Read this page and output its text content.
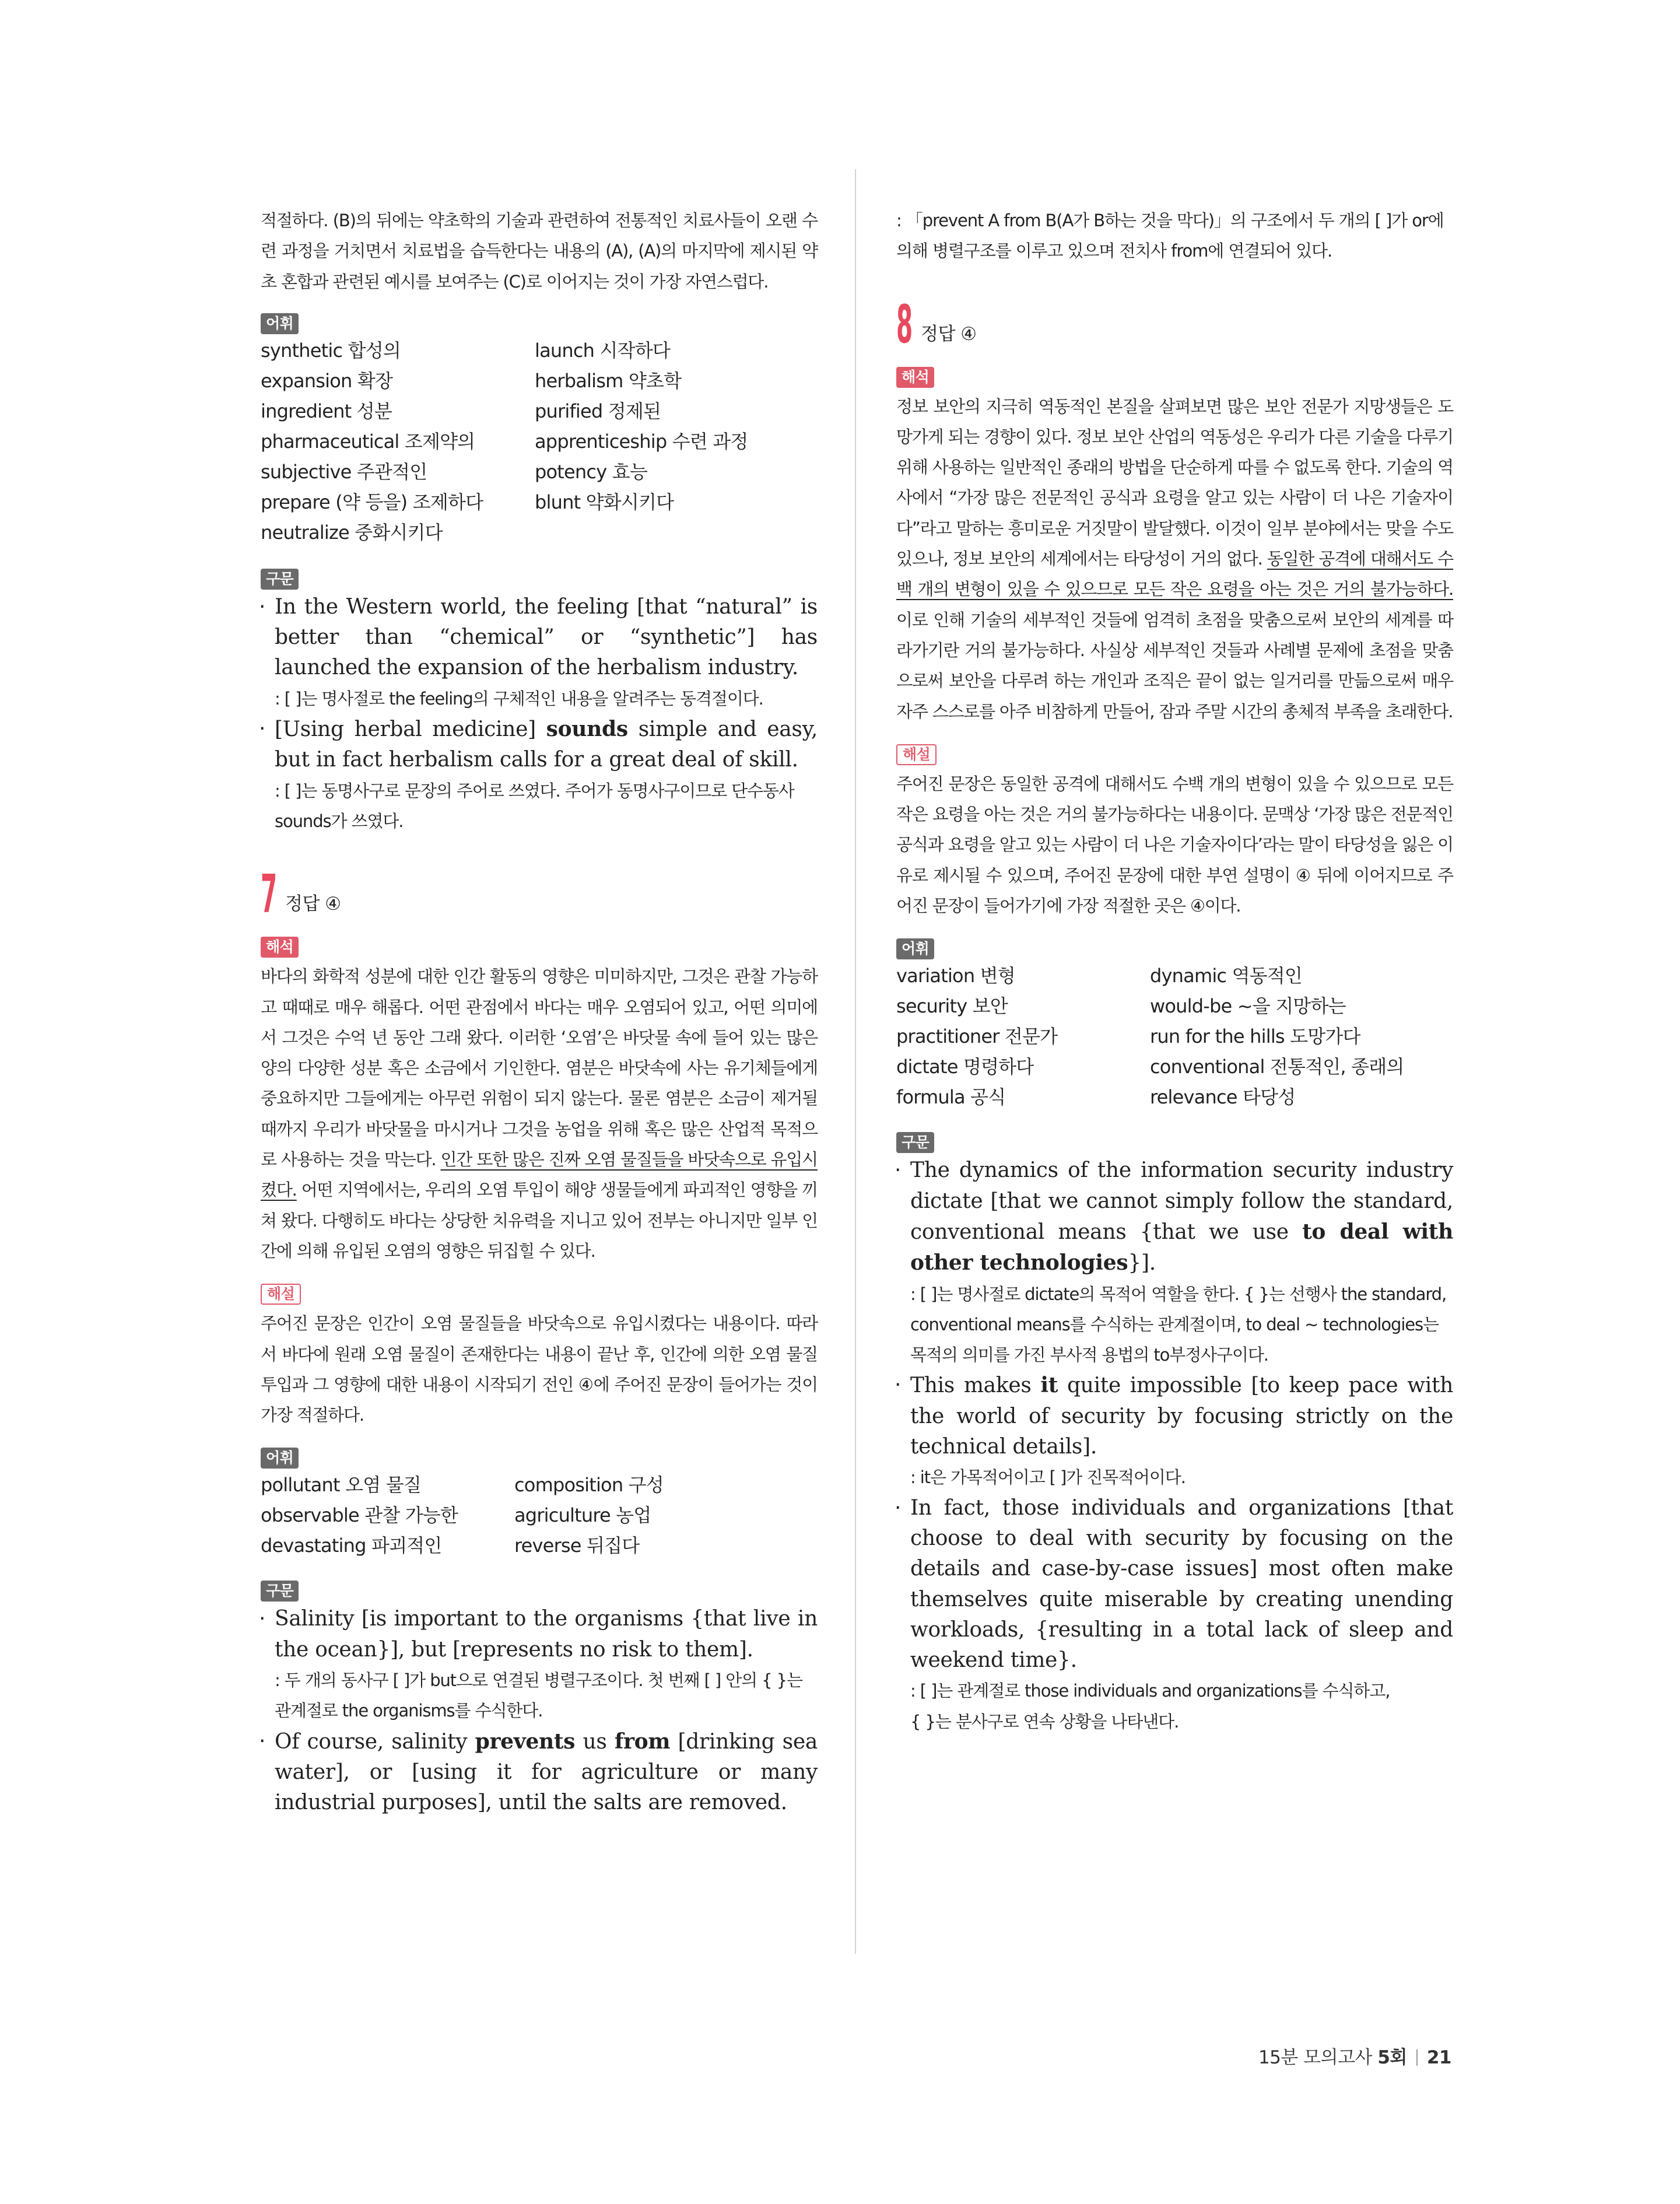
적절하다. (B)의 뒤에는 약초학의 기술과 관련하여 전통적인 치료사들이 오랜 수련 과정을 거치면서 치료법을 습득한다는 내용의 (A), (A)의 마지막에 제시된 약초 혼합과 관련된 예시를 보여주는 (C)로 이어지는 것이 가장 자연스럽다.

어휘
synthetic 합성의	launch 시작하다
expansion 확장	herbalism 약초학
ingredient 성분	purified 정제된
pharmaceutical 조제약의	apprenticeship 수련 과정
subjective 주관적인	potency 효능
prepare (약 등을) 조제하다	blunt 약화시키다
neutralize 중화시키다
구문

· In the Western world, the feeling [that “natural” is better than “chemical” or “synthetic”] has launched the expansion of the herbalism industry.

: [ ]는 명사절로 the feeling의 구체적인 내용을 알려주는 동격절이다.

· [Using herbal medicine] sounds simple and easy, but in fact herbalism calls for a great deal of skill.

: [ ]는 동명사구로 문장의 주어로 쓰였다. 주어가 동명사구이므로 단수동사 sounds가 쓰였다.

7 정답 ④
해석

바다의 화학적 성분에 대한 인간 활동의 영향은 미미하지만, 그것은 관찰 가능하고 때때로 매우 해롭다. 어떤 관점에서 바다는 매우 오염되어 있고, 어떤 의미에서 그것은 수억 년 동안 그래 왔다. 이러한 ‘오염’은 바닷물 속에 들어 있는 많은 양의 다양한 성분 혹은 소금에서 기인한다. 염분은 바닷속에 사는 유기체들에게 중요하지만 그들에게는 아무런 위험이 되지 않는다. 물론 염분은 소금이 제거될 때까지 우리가 바닷물을 마시거나 그것을 농업을 위해 혹은 많은 산업적 목적으로 사용하는 것을 막는다. 인간 또한 많은 진짜 오염 물질들을 바닷속으로 유입시켰다. 어떤 지역에서는, 우리의 오염 투입이 해양 생물들에게 파괴적인 영향을 끼쳐 왔다. 다행히도 바다는 상당한 치유력을 지니고 있어 전부는 아니지만 일부 인간에 의해 유입된 오염의 영향은 뒤집힐 수 있다.

해설

주어진 문장은 인간이 오염 물질들을 바닷속으로 유입시켰다는 내용이다. 따라서 바다에 원래 오염 물질이 존재한다는 내용이 끝난 후, 인간에 의한 오염 물질 투입과 그 영향에 대한 내용이 시작되기 전인 ④에 주어진 문장이 들어가는 것이 가장 적절하다.

어휘
pollutant 오염 물질	composition 구성
observable 관찰 가능한	agriculture 농업
devastating 파괴적인	reverse 뒤집다
구문

· Salinity [is important to the organisms {that live in the ocean}], but [represents no risk to them].

: 두 개의 동사구 [ ]가 but으로 연결된 병렬구조이다. 첫 번째 [ ] 안의 { }는 관계절로 the organisms를 수식한다.

· Of course, salinity prevents us from [drinking sea water], or [using it for agriculture or many industrial purposes], until the salts are removed.

: 「prevent A from B(A가 B하는 것을 막다)」의 구조에서 두 개의 [ ]가 or에 의해 병렬구조를 이루고 있으며 전치사 from에 연결되어 있다.

8 정답 ④
해석

정보 보안의 지극히 역동적인 본질을 살펴보면 많은 보안 전문가 지망생들은 도망가게 되는 경향이 있다. 정보 보안 산업의 역동성은 우리가 다른 기술을 다루기 위해 사용하는 일반적인 종래의 방법을 단순하게 따를 수 없도록 한다. 기술의 역사에서 “가장 많은 전문적인 공식과 요령을 알고 있는 사람이 더 나은 기술자이다”라고 말하는 흥미로운 거짓말이 발달했다. 이것이 일부 분야에서는 맞을 수도 있으나, 정보 보안의 세계에서는 타당성이 거의 없다. 동일한 공격에 대해서도 수백 개의 변형이 있을 수 있으므로 모든 작은 요령을 아는 것은 거의 불가능하다. 이로 인해 기술의 세부적인 것들에 엄격히 초점을 맞춤으로써 보안의 세계를 따라가기란 거의 불가능하다. 사실상 세부적인 것들과 사례별 문제에 초점을 맞춤으로써 보안을 다루려 하는 개인과 조직은 끝이 없는 일거리를 만듦으로써 매우 자주 스스로를 아주 비참하게 만들어, 잠과 주말 시간의 총체적 부족을 초래한다.

해설

주어진 문장은 동일한 공격에 대해서도 수백 개의 변형이 있을 수 있으므로 모든 작은 요령을 아는 것은 거의 불가능하다는 내용이다. 문맥상 ‘가장 많은 전문적인 공식과 요령을 알고 있는 사람이 더 나은 기술자이다’라는 말이 타당성을 잃은 이유로 제시될 수 있으며, 주어진 문장에 대한 부연 설명이 ④ 뒤에 이어지므로 주어진 문장이 들어가기에 가장 적절한 곳은 ④이다.

어휘
variation 변형	dynamic 역동적인
security 보안	would-be ~을 지망하는
practitioner 전문가	run for the hills 도망가다
dictate 명령하다	conventional 전통적인, 종래의
formula 공식	relevance 타당성
구문

· The dynamics of the information security industry dictate [that we cannot simply follow the standard, conventional means {that we use to deal with other technologies}].

: [ ]는 명사절로 dictate의 목적어 역할을 한다. { }는 선행사 the standard, conventional means를 수식하는 관계절이며, to deal ~ technologies는 목적의 의미를 가진 부사적 용법의 to부정사구이다.

· This makes it quite impossible [to keep pace with the world of security by focusing strictly on the technical details].

: it은 가목적어이고 [ ]가 진목적어이다.

· In fact, those individuals and organizations [that choose to deal with security by focusing on the details and case-by-case issues] most often make themselves quite miserable by creating unending workloads, {resulting in a total lack of sleep and weekend time}.

: [ ]는 관계절로 those individuals and organizations를 수식하고,
{ }는 분사구로 연속 상황을 나타낸다.

15분 모의고사 5회 21
